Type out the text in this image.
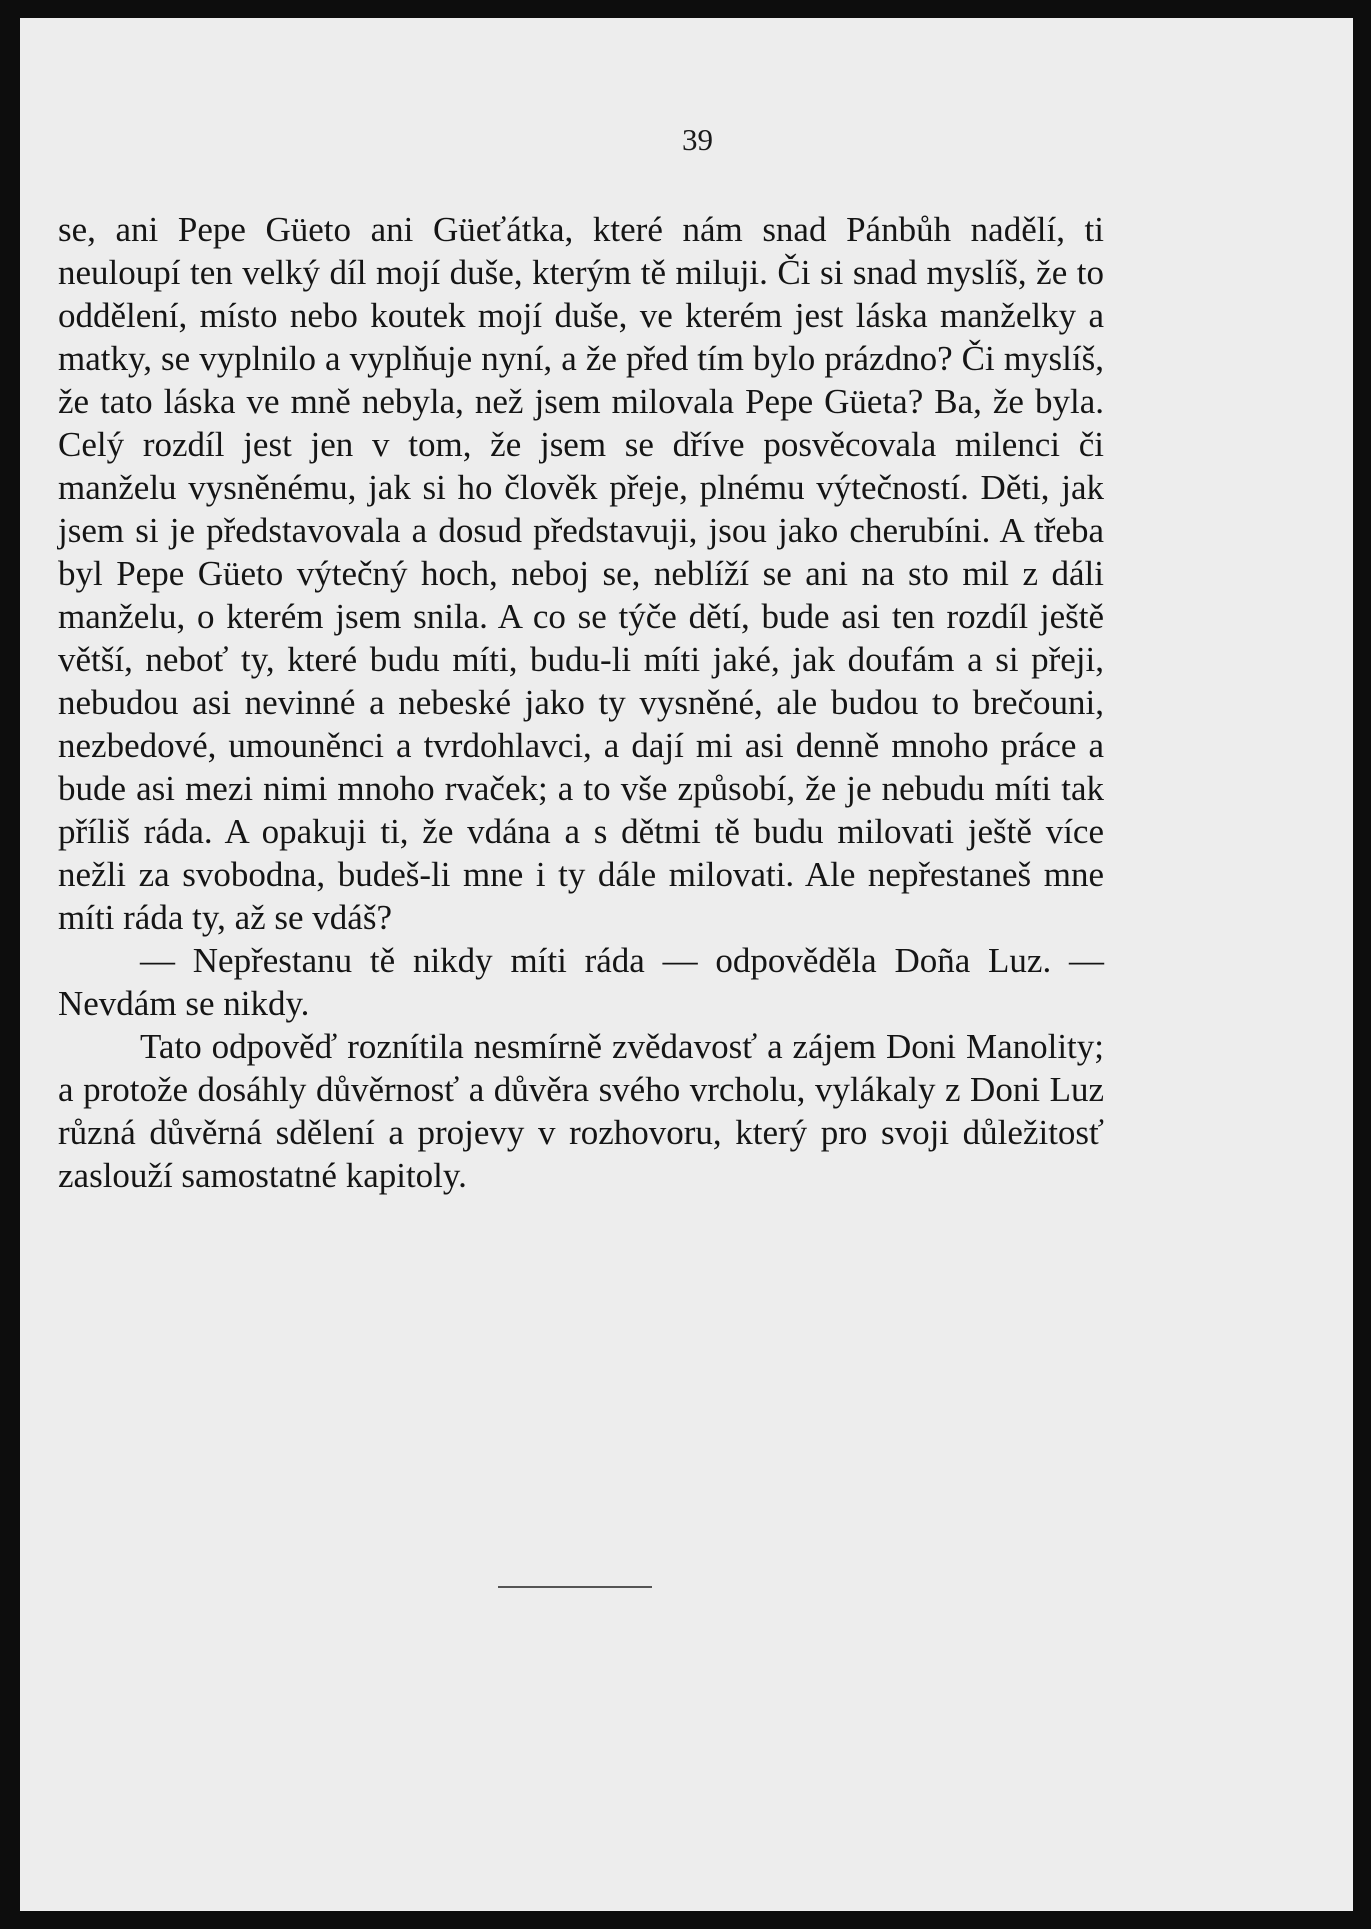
39

se, ani Pepe Güeto ani Güeťátka, které nám snad Pánbůh nadělí, ti neuloupí ten velký díl mojí duše, kterým tě miluji. Či si snad myslíš, že to oddělení, místo nebo koutek mojí duše, ve kterém jest láska manželky a matky, se vyplnilo a vyplňuje nyní, a že před tím bylo prázdno? Či myslíš, že tato láska ve mně nebyla, než jsem milovala Pepe Güeta? Ba, že byla. Celý rozdíl jest jen v tom, že jsem se dříve posvěcovala milenci či manželu vysněnému, jak si ho člověk přeje, plnému výtečností. Děti, jak jsem si je představovala a dosud představuji, jsou jako cherubíni. A třeba byl Pepe Güeto výtečný hoch, neboj se, neblíží se ani na sto mil z dáli manželu, o kterém jsem snila. A co se týče dětí, bude asi ten rozdíl ještě větší, neboť ty, které budu míti, budu-li míti jaké, jak doufám a si přeji, nebudou asi nevinné a nebeské jako ty vysněné, ale budou to brečouni, nezbedové, umouněnci a tvrdohlavci, a dají mi asi denně mnoho práce a bude asi mezi nimi mnoho rvaček; a to vše způsobí, že je nebudu míti tak příliš ráda. A opakuji ti, že vdána a s dětmi tě budu milovati ještě více nežli za svobodna, budeš-li mne i ty dále milovati. Ale nepřestaneš mne míti ráda ty, až se vdáš?

— Nepřestanu tě nikdy míti ráda — odpověděla Doña Luz. — Nevdám se nikdy.

Tato odpověď roznítila nesmírně zvědavosť a zájem Doni Manolity; a protože dosáhly důvěrnosť a důvěra svého vrcholu, vylákaly z Doni Luz různá důvěrná sdělení a projevy v rozhovoru, který pro svoji důležitosť zaslouží samostatné kapitoly.
